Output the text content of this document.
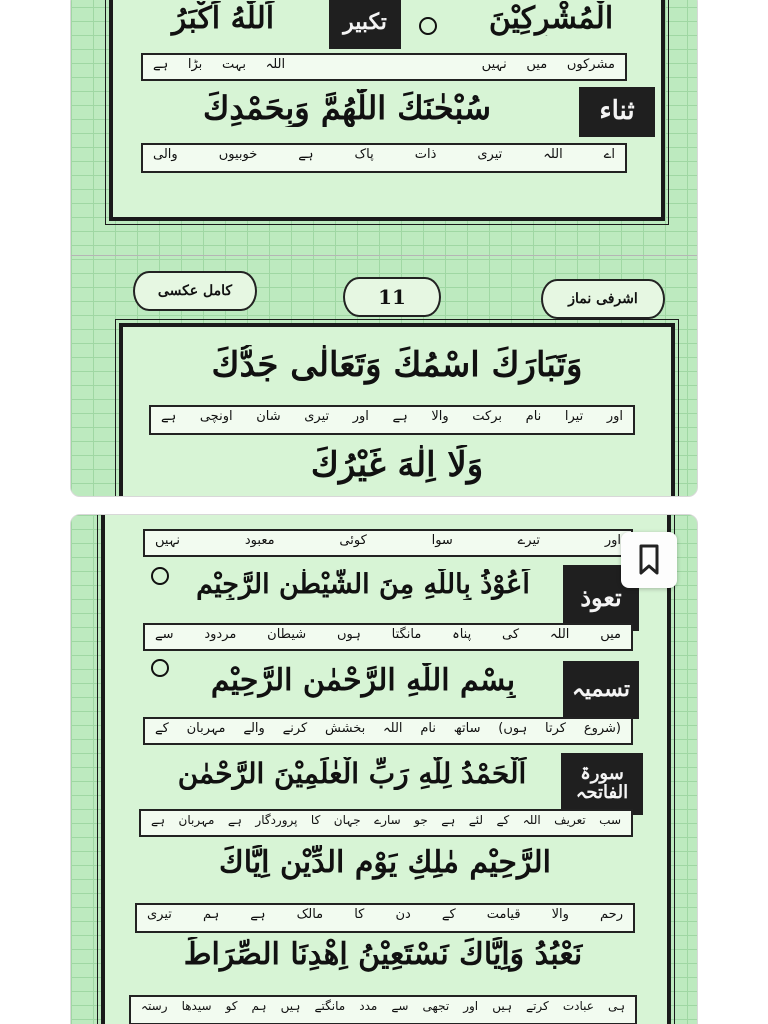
الْمُشْرِكِيْنَ
تکبیر
اَللّٰهُ اَكْبَرُ
مشرکوں میں نہیں          اللہ بہت بڑا ہے
ثناء
سُبْحٰنَكَ اللّٰهُمَّ وَبِحَمْدِكَ
اے اللہ تیری ذات پاک ہے خوبیوں والی
اشرفی نماز
11
کامل عکسی
وَتَبَارَكَ اسْمُكَ وَتَعَالٰى جَدُّكَ
اور تیرا نام برکت والا ہے اور تیری شان اونچی ہے
وَلَا اِلٰهَ غَيْرُكَ
اور تیرے سوا کوئی معبود نہیں
تعوذ
اَعُوْذُ بِاللّٰهِ مِنَ الشَّيْطٰنِ الرَّجِيْمِ
میں اللہ کی پناہ مانگتا ہوں شیطان مردود سے
تسمیہ
بِسْمِ اللّٰهِ الرَّحْمٰنِ الرَّحِيْمِ
(شروع کرتا ہوں) ساتھ نام اللہ بخشش کرنے والے مہربان کے
سورۃ الفاتحہ
اَلْحَمْدُ لِلّٰهِ رَبِّ الْعٰلَمِيْنَ الرَّحْمٰنِ
سب تعریف اللہ کے لئے ہے جو سارے جہان کا پروردگار ہے مہربان ہے
الرَّحِيْمِ مٰلِكِ يَوْمِ الدِّيْنِ اِيَّاكَ
رحم والا قیامت کے دن کا مالک ہے ہم تیری
نَعْبُدُ وَاِيَّاكَ نَسْتَعِيْنُ اِهْدِنَا الصِّرَاطَ
ہی عبادت کرتے ہیں اور تجھی سے مدد مانگتے ہیں ہم کو سیدھا رستہ
